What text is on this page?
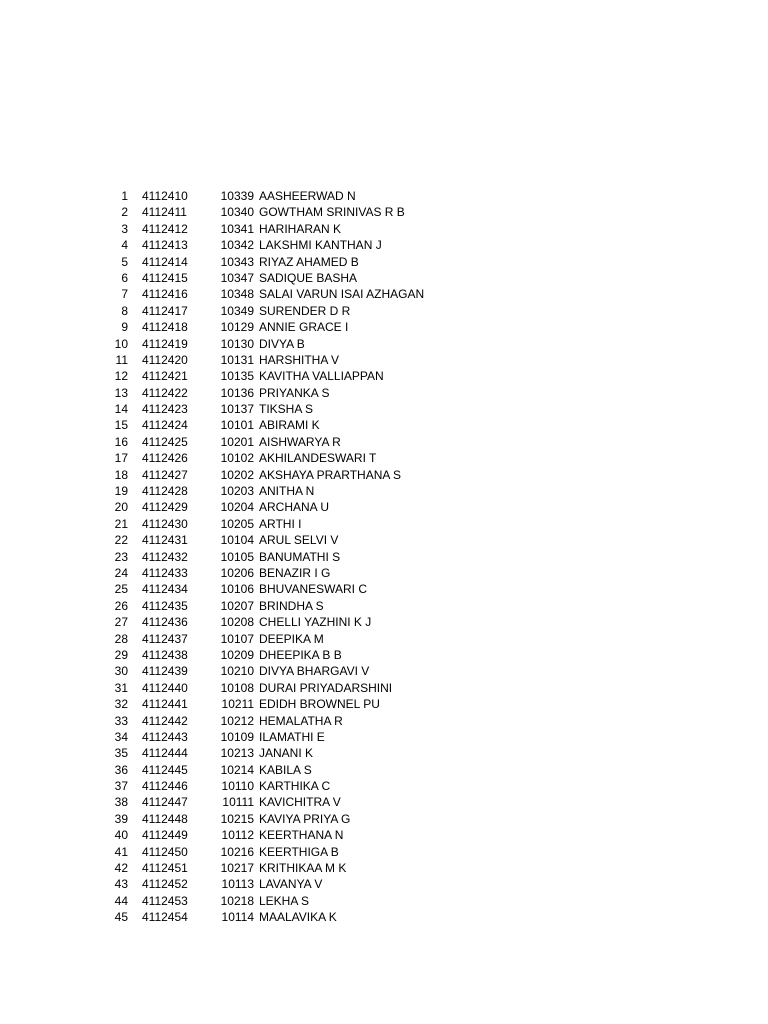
1 4112410	10339 AASHEERWAD N
2 4112411	10340 GOWTHAM SRINIVAS R B
3 4112412	10341 HARIHARAN K
4 4112413	10342 LAKSHMI KANTHAN J
5 4112414	10343 RIYAZ AHAMED B
6 4112415	10347 SADIQUE BASHA
7 4112416	10348 SALAI VARUN ISAI AZHAGAN
8 4112417	10349 SURENDER D R
9 4112418	10129 ANNIE GRACE I
10 4112419	10130 DIVYA B
11 4112420	10131 HARSHITHA V
12 4112421	10135 KAVITHA VALLIAPPAN
13 4112422	10136 PRIYANKA S
14 4112423	10137 TIKSHA S
15 4112424	10101 ABIRAMI K
16 4112425	10201 AISHWARYA R
17 4112426	10102 AKHILANDESWARI T
18 4112427	10202 AKSHAYA PRARTHANA S
19 4112428	10203 ANITHA N
20 4112429	10204 ARCHANA U
21 4112430	10205 ARTHI I
22 4112431	10104 ARUL SELVI V
23 4112432	10105 BANUMATHI S
24 4112433	10206 BENAZIR I G
25 4112434	10106 BHUVANESWARI C
26 4112435	10207 BRINDHA S
27 4112436	10208 CHELLI YAZHINI K J
28 4112437	10107 DEEPIKA M
29 4112438	10209 DHEEPIKA B B
30 4112439	10210 DIVYA BHARGAVI V
31 4112440	10108 DURAI PRIYADARSHINI
32 4112441	10211 EDIDH BROWNEL PU
33 4112442	10212 HEMALATHA R
34 4112443	10109 ILAMATHI E
35 4112444	10213 JANANI K
36 4112445	10214 KABILA S
37 4112446	10110 KARTHIKA C
38 4112447	10111 KAVICHITRA V
39 4112448	10215 KAVIYA PRIYA G
40 4112449	10112 KEERTHANA N
41 4112450	10216 KEERTHIGA B
42 4112451	10217 KRITHIKAA M K
43 4112452	10113 LAVANYA V
44 4112453	10218 LEKHA S
45 4112454	10114 MAALAVIKA K
